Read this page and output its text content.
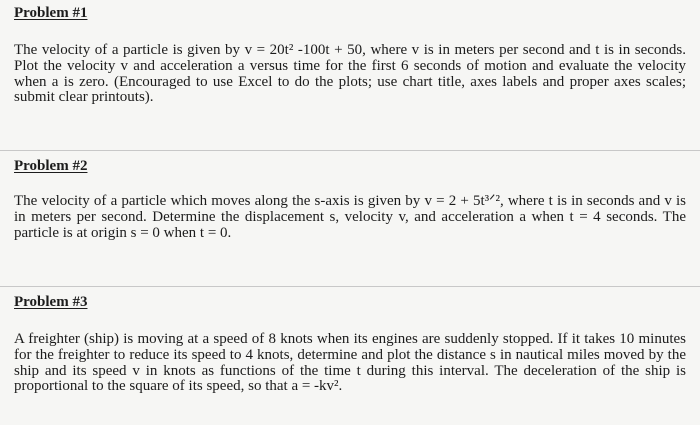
Problem #1

The velocity of a particle is given by v = 20t² -100t + 50, where v is in meters per second and t is in seconds. Plot the velocity v and acceleration a versus time for the first 6 seconds of motion and evaluate the velocity when a is zero. (Encouraged to use Excel to do the plots; use chart title, axes labels and proper axes scales; submit clear printouts).

Problem #2

The velocity of a particle which moves along the s-axis is given by v = 2 + 5t³ᐟ², where t is in seconds and v is in meters per second. Determine the displacement s, velocity v, and acceleration a when t = 4 seconds. The particle is at origin s = 0 when t = 0.

Problem #3

A freighter (ship) is moving at a speed of 8 knots when its engines are suddenly stopped. If it takes 10 minutes for the freighter to reduce its speed to 4 knots, determine and plot the distance s in nautical miles moved by the ship and its speed v in knots as functions of the time t during this interval. The deceleration of the ship is proportional to the square of its speed, so that a = -kv².
